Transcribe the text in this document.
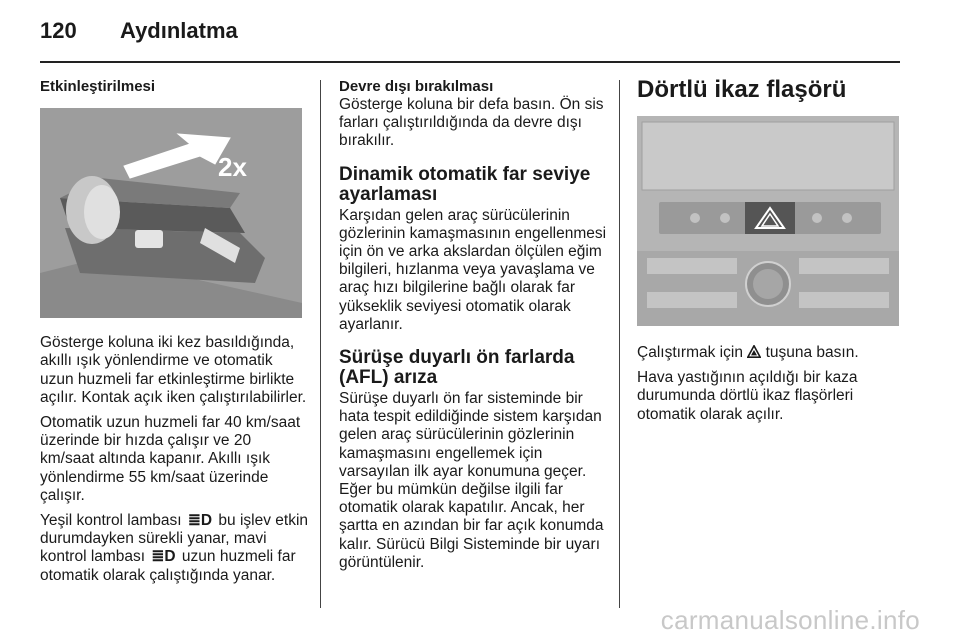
120 Aydınlatma
Etkinleştirilmesi
2x

Gösterge koluna iki kez basıldığında, akıllı ışık yönlendirme ve otomatik uzun huzmeli far etkinleştirme birlikte açılır. Kontak açık iken çalıştırılabilirler.

Otomatik uzun huzmeli far 40 km/saat üzerinde bir hızda çalışır ve 20 km/saat altında kapanır. Akıllı ışık yönlendirme 55 km/saat üzerinde çalışır.

Yeşil kontrol lambası ≣D bu işlev etkin durumdayken sürekli yanar, mavi kontrol lambası ≣D uzun huzmeli far otomatik olarak çalıştığında yanar.

Devre dışı bırakılması

Gösterge koluna bir defa basın. Ön sis farları çalıştırıldığında da devre dışı bırakılır.

Dinamik otomatik far seviye ayarlaması

Karşıdan gelen araç sürücülerinin gözlerinin kamaşmasının engellenmesi için ön ve arka akslardan ölçülen eğim bilgileri, hızlanma veya yavaşlama ve araç hızı bilgilerine bağlı olarak far yükseklik seviyesi otomatik olarak ayarlanır.

Sürüşe duyarlı ön farlarda (AFL) arıza

Sürüşe duyarlı ön far sisteminde bir hata tespit edildiğinde sistem karşıdan gelen araç sürücülerinin gözlerinin kamaşmasını engellemek için varsayılan ilk ayar konumuna geçer. Eğer bu mümkün değilse ilgili far otomatik olarak kapatılır. Ancak, her şartta en azından bir far açık konumda kalır. Sürücü Bilgi Sisteminde bir uyarı görüntülenir.

Dörtlü ikaz flaşörü

Çalıştırmak için tuşuna basın.

Hava yastığının açıldığı bir kaza durumunda dörtlü ikaz flaşörleri otomatik olarak açılır.

carmanualsonline.info
